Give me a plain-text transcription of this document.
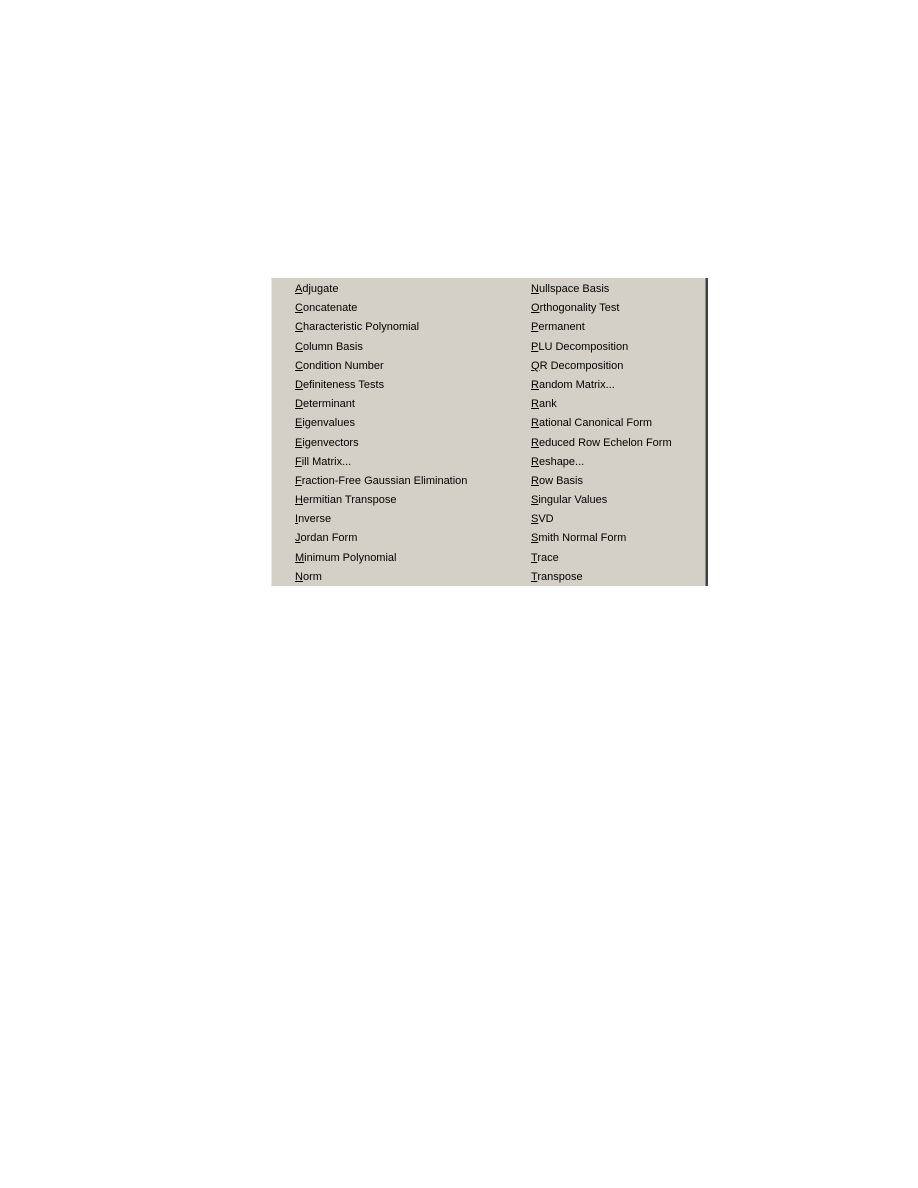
Adjugate
Concatenate
Characteristic Polynomial
Column Basis
Condition Number
Definiteness Tests
Determinant
Eigenvalues
Eigenvectors
Fill Matrix...
Fraction-Free Gaussian Elimination
Hermitian Transpose
Inverse
Jordan Form
Minimum Polynomial
Norm
Nullspace Basis
Orthogonality Test
Permanent
PLU Decomposition
QR Decomposition
Random Matrix...
Rank
Rational Canonical Form
Reduced Row Echelon Form
Reshape...
Row Basis
Singular Values
SVD
Smith Normal Form
Trace
Transpose
